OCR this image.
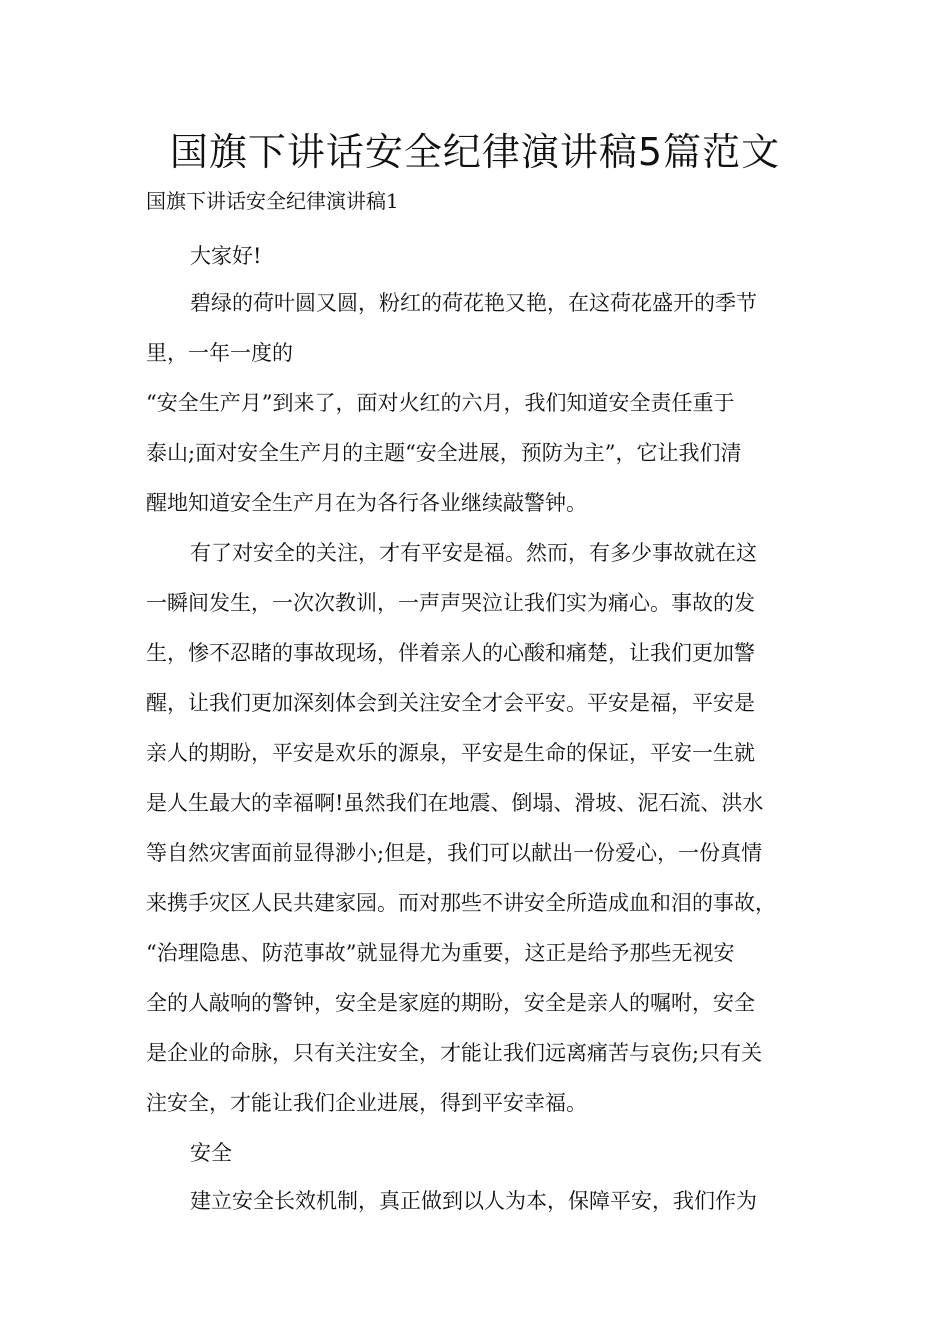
国旗下讲话安全纪律演讲稿5篇范文

国旗下讲话安全纪律演讲稿1

大家好!

碧绿的荷叶圆又圆，粉红的荷花艳又艳，在这荷花盛开的季节
里，一年一度的

“安全生产月”到来了，面对火红的六月，我们知道安全责任重于
泰山;面对安全生产月的主题“安全进展，预防为主”，它让我们清
醒地知道安全生产月在为各行各业继续敲警钟。

有了对安全的关注，才有平安是福。然而，有多少事故就在这
一瞬间发生，一次次教训，一声声哭泣让我们实为痛心。事故的发
生，惨不忍睹的事故现场，伴着亲人的心酸和痛楚，让我们更加警
醒，让我们更加深刻体会到关注安全才会平安。平安是福，平安是
亲人的期盼，平安是欢乐的源泉，平安是生命的保证，平安一生就
是人生最大的幸福啊!虽然我们在地震、倒塌、滑坡、泥石流、洪水
等自然灾害面前显得渺小;但是，我们可以献出一份爱心，一份真情
来携手灾区人民共建家园。而对那些不讲安全所造成血和泪的事故，
“治理隐患、防范事故”就显得尤为重要，这正是给予那些无视安
全的人敲响的警钟，安全是家庭的期盼，安全是亲人的嘱咐，安全
是企业的命脉，只有关注安全，才能让我们远离痛苦与哀伤;只有关
注安全，才能让我们企业进展，得到平安幸福。

安全

建立安全长效机制，真正做到以人为本，保障平安，我们作为
